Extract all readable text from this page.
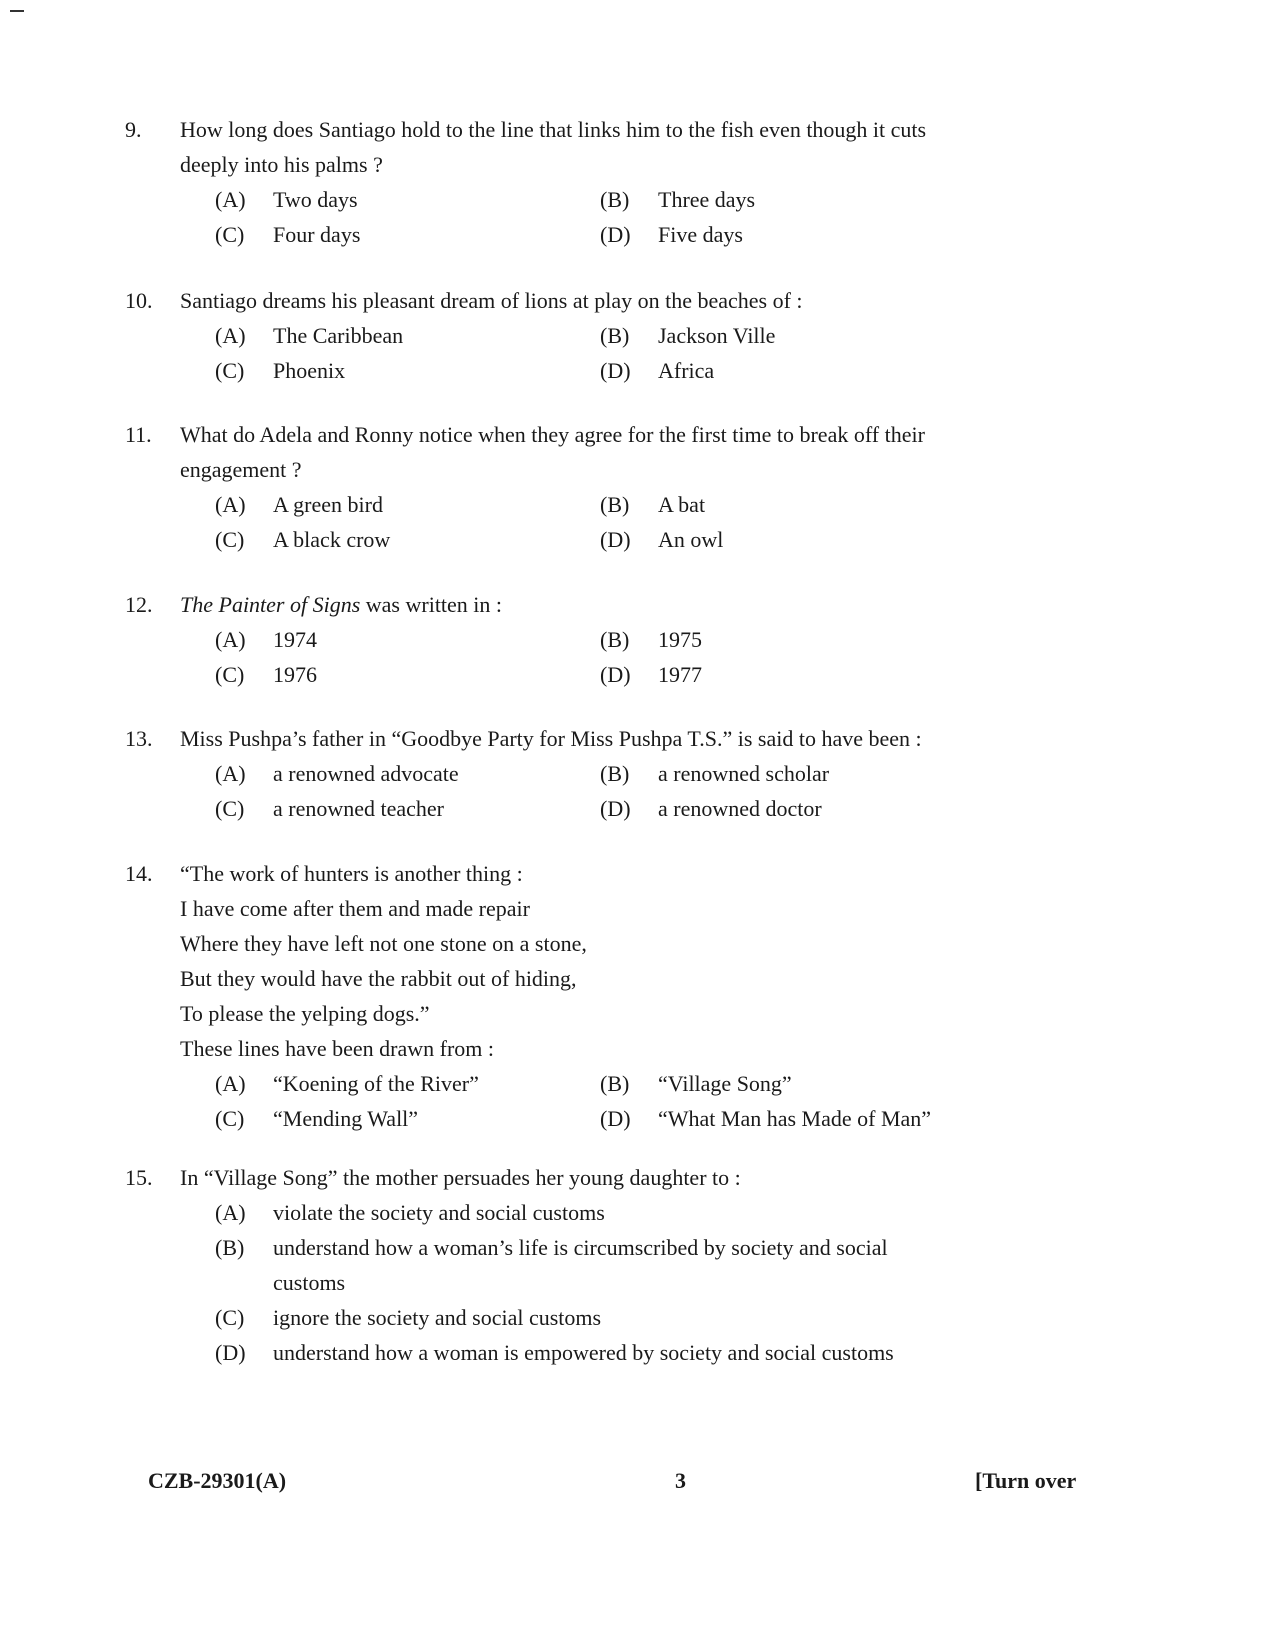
9.	How long does Santiago hold to the line that links him to the fish even though it cuts
deeply into his palms ?
(A)	Two days	(B)	Three days
(C)	Four days	(D)	Five days
10.	Santiago dreams his pleasant dream of lions at play on the beaches of :
(A)	The Caribbean	(B)	Jackson Ville
(C)	Phoenix	(D)	Africa
11.	What do Adela and Ronny notice when they agree for the first time to break off their
engagement ?
(A)	A green bird	(B)	A bat
(C)	A black crow	(D)	An owl
12.	The Painter of Signs was written in :
(A)	1974	(B)	1975
(C)	1976	(D)	1977
13.	Miss Pushpa’s father in “Goodbye Party for Miss Pushpa T.S.” is said to have been :
(A)	a renowned advocate	(B)	a renowned scholar
(C)	a renowned teacher	(D)	a renowned doctor
14.	“The work of hunters is another thing :
I have come after them and made repair
Where they have left not one stone on a stone,
But they would have the rabbit out of hiding,
To please the yelping dogs.”
These lines have been drawn from :
(A)	“Koening of the River”	(B)	“Village Song”
(C)	“Mending Wall”	(D)	“What Man has Made of Man”
15.	In “Village Song” the mother persuades her young daughter to :
(A)	violate the society and social customs
(B)	understand how a woman’s life is circumscribed by society and social customs
(C)	ignore the society and social customs
(D)	understand how a woman is empowered by society and social customs
CZB-29301(A)	3	[Turn over
